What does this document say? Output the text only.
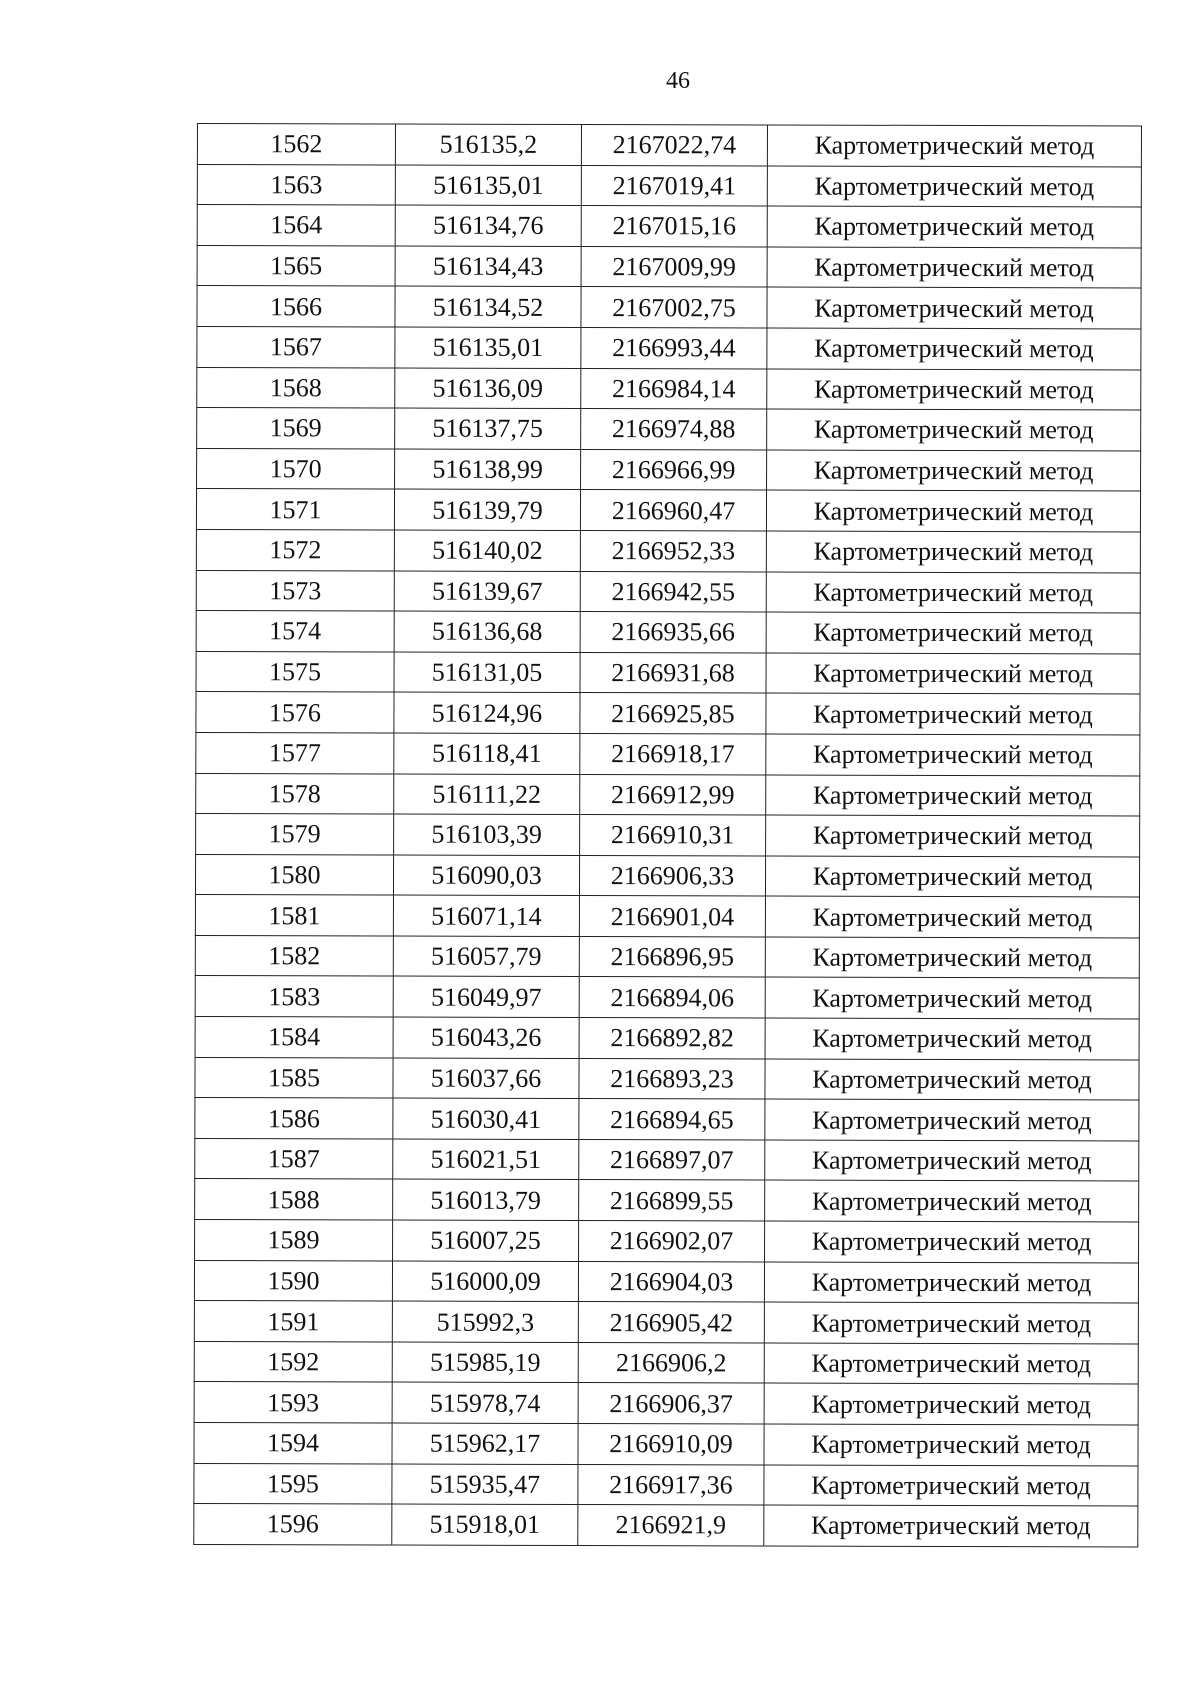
46
1562	516135,2	2167022,74	Картометрический метод
1563	516135,01	2167019,41	Картометрический метод
1564	516134,76	2167015,16	Картометрический метод
1565	516134,43	2167009,99	Картометрический метод
1566	516134,52	2167002,75	Картометрический метод
1567	516135,01	2166993,44	Картометрический метод
1568	516136,09	2166984,14	Картометрический метод
1569	516137,75	2166974,88	Картометрический метод
1570	516138,99	2166966,99	Картометрический метод
1571	516139,79	2166960,47	Картометрический метод
1572	516140,02	2166952,33	Картометрический метод
1573	516139,67	2166942,55	Картометрический метод
1574	516136,68	2166935,66	Картометрический метод
1575	516131,05	2166931,68	Картометрический метод
1576	516124,96	2166925,85	Картометрический метод
1577	516118,41	2166918,17	Картометрический метод
1578	516111,22	2166912,99	Картометрический метод
1579	516103,39	2166910,31	Картометрический метод
1580	516090,03	2166906,33	Картометрический метод
1581	516071,14	2166901,04	Картометрический метод
1582	516057,79	2166896,95	Картометрический метод
1583	516049,97	2166894,06	Картометрический метод
1584	516043,26	2166892,82	Картометрический метод
1585	516037,66	2166893,23	Картометрический метод
1586	516030,41	2166894,65	Картометрический метод
1587	516021,51	2166897,07	Картометрический метод
1588	516013,79	2166899,55	Картометрический метод
1589	516007,25	2166902,07	Картометрический метод
1590	516000,09	2166904,03	Картометрический метод
1591	515992,3	2166905,42	Картометрический метод
1592	515985,19	2166906,2	Картометрический метод
1593	515978,74	2166906,37	Картометрический метод
1594	515962,17	2166910,09	Картометрический метод
1595	515935,47	2166917,36	Картометрический метод
1596	515918,01	2166921,9	Картометрический метод
